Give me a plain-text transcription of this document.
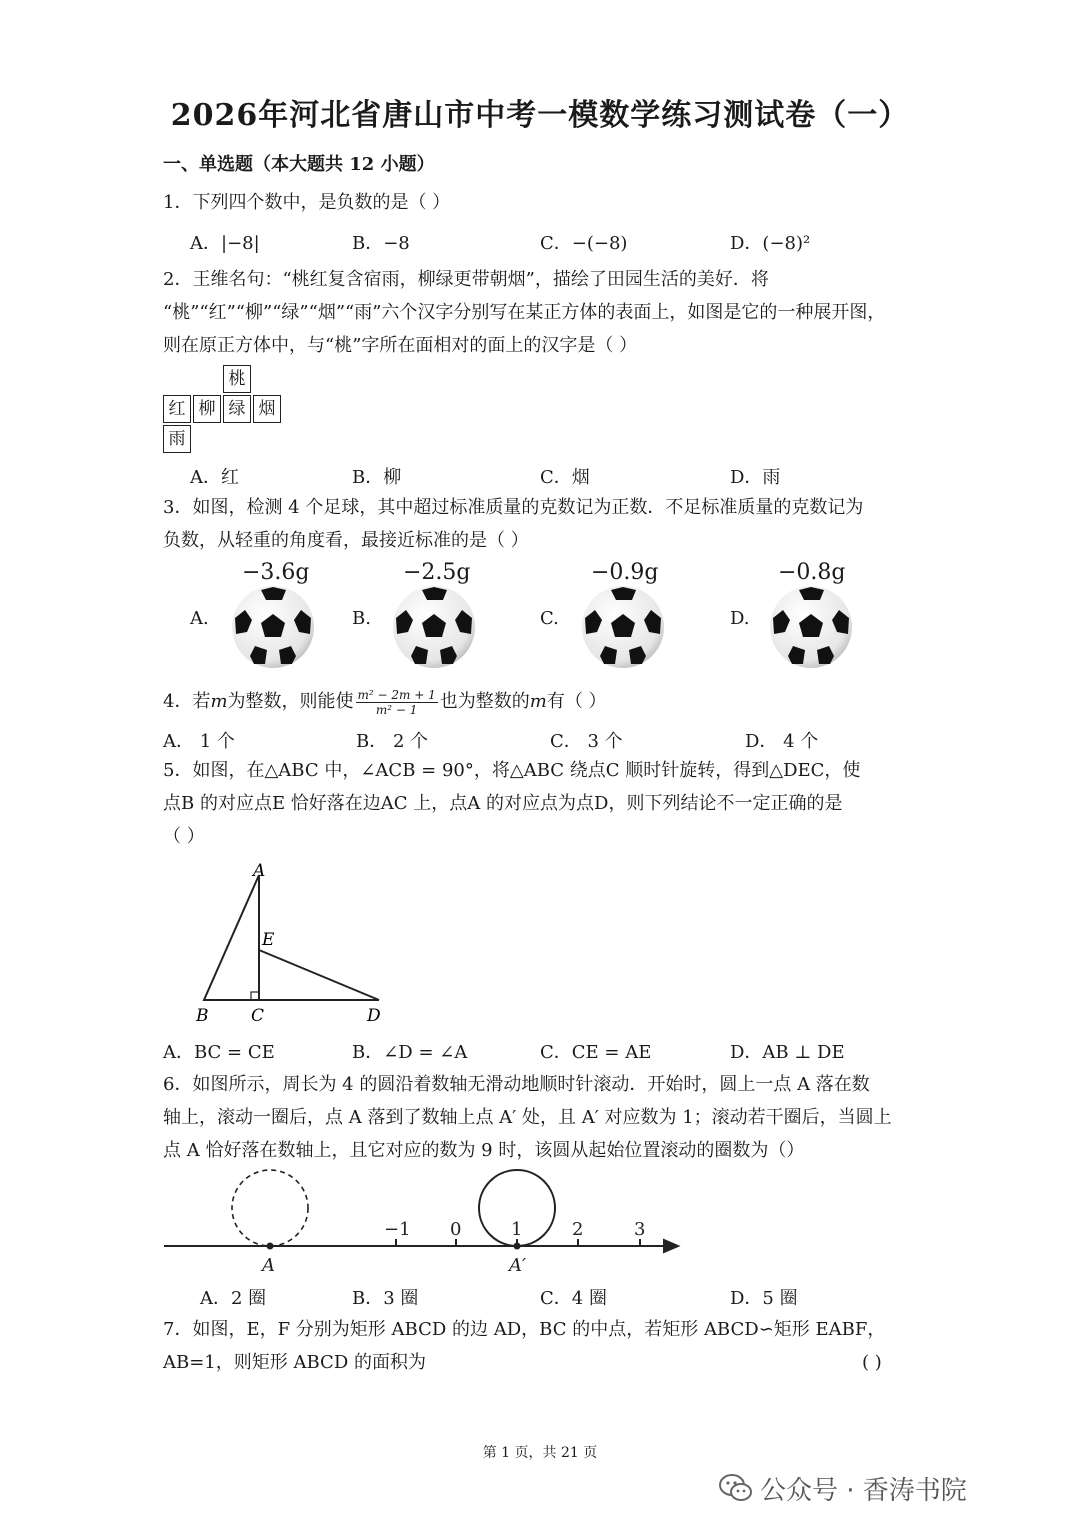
2026年河北省唐山市中考一模数学练习测试卷（一）
一、单选题（本大题共 12 小题）
1．下列四个数中，是负数的是（ ）
A．|−8|	B．−8	C．−(−8)	D．(−8)²
2．王维名句：“桃红复含宿雨，柳绿更带朝烟”，描绘了田园生活的美好．将
“桃”“红”“柳”“绿”“烟”“雨”六个汉字分别写在某正方体的表面上，如图是它的一种展开图，
则在原正方体中，与“桃”字所在面相对的面上的汉字是（ ）
桃
红 柳 绿 烟
雨
A．红	B．柳	C．烟	D．雨
3．如图，检测 4 个足球，其中超过标准质量的克数记为正数．不足标准质量的克数记为
负数，从轻重的角度看，最接近标准的是（ ）
A.	B.	C.	D.
−3.6g	−2.5g	−0.9g	−0.8g
4．若m为整数，则能使 $\frac{\text{m² − 2m + 1}}{\text{m² − 1}}$ 也为整数的m有（ ）
A． 1 个	B． 2 个	C． 3 个	D． 4 个
5．如图，在△ABC 中，∠ACB = 90°，将△ABC 绕点C 顺时针旋转，得到△DEC，使
点B 的对应点E 恰好落在边AC 上，点A 的对应点为点D，则下列结论不一定正确的是
（ ）
A
E
B	C	D
A．BC = CE	B．∠D = ∠A	C．CE = AE	D．AB ⊥ DE
6．如图所示，周长为 4 的圆沿着数轴无滑动地顺时针滚动．开始时，圆上一点 A 落在数
轴上，滚动一圈后，点 A 落到了数轴上点 A′ 处，且 A′ 对应数为 1；滚动若干圈后，当圆上
点 A 恰好落在数轴上，且它对应的数为 9 时，该圆从起始位置滚动的圈数为（）
−1 0	1	2	3
A	A′
A．2 圈	B．3 圈	C．4 圈	D．5 圈
7．如图，E，F 分别为矩形 ABCD 的边 AD，BC 的中点，若矩形 ABCD∽矩形 EABF，
AB=1，则矩形 ABCD 的面积为	( )
第 1 页，共 21 页
公众号 · 香涛书院
